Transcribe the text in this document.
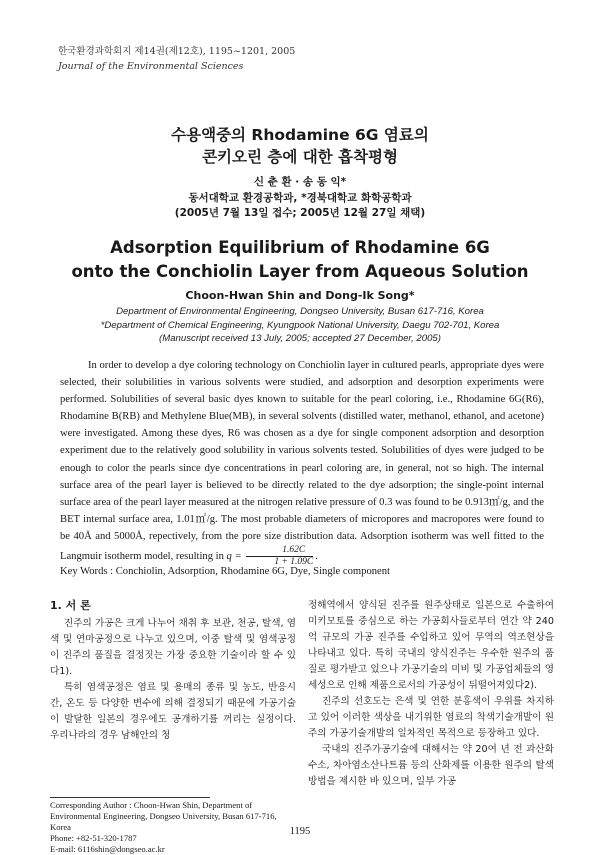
한국환경과학회지 제14권(제12호), 1195~1201, 2005
Journal of the Environmental Sciences
수용액중의 Rhodamine 6G 염료의
콘키오린 층에 대한 흡착평형
신 춘 환 · 송 동 익*
동서대학교 환경공학과, *경북대학교 화학공학과
(2005년 7월 13일 접수; 2005년 12월 27일 채택)
Adsorption Equilibrium of Rhodamine 6G
onto the Conchiolin Layer from Aqueous Solution
Choon-Hwan Shin and Dong-Ik Song*
Department of Environmental Engineering, Dongseo University, Busan 617-716, Korea
*Department of Chemical Engineering, Kyungpook National University, Daegu 702-701, Korea
(Manuscript received 13 July, 2005; accepted 27 December, 2005)
In order to develop a dye coloring technology on Conchiolin layer in cultured pearls, appropriate dyes were selected, their solubilities in various solvents were studied, and adsorption and desorption experiments were performed. Solubilities of several basic dyes known to suitable for the pearl coloring, i.e., Rhodamine 6G(R6), Rhodamine B(RB) and Methylene Blue(MB), in several solvents (distilled water, methanol, ethanol, and acetone) were investigated. Among these dyes, R6 was chosen as a dye for single component adsorption and desorption experiment due to the relatively good solubility in various solvents tested. Solubilities of dyes were judged to be enough to color the pearls since dye concentrations in pearl coloring are, in general, not so high. The internal surface area of the pearl layer is believed to be directly related to the dye adsorption; the single-point internal surface area of the pearl layer measured at the nitrogen relative pressure of 0.3 was found to be 0.913㎡/g, and the BET internal surface area, 1.01㎡/g. The most probable diameters of micropores and macropores were found to be 40Å and 5000Å, repectively, from the pore size distribution data. Adsorption isotherm was well fitted to the Langmuir isotherm model, resulting in $q = \frac{1.62C}{1 + 1.09C}$ .
Key Words : Conchiolin, Adsorption, Rhodamine 6G, Dye, Single component
1. 서 론

진주의 가공은 크게 나누어 채취 후 보관, 천공, 탈색, 염색 및 연마공정으로 나누고 있으며, 이중 탈색 및 염색공정이 진주의 품질을 결정짓는 가장 중요한 기술이라 할 수 있다1).

특히 염색공정은 염료 및 용매의 종류 및 농도, 반응시간, 온도 등 다양한 변수에 의해 결정되기 때문에 가공기술이 발달한 일본의 경우에도 공개하기를 꺼리는 실정이다. 우리나라의 경우 남해안의 청

정해역에서 양식된 진주를 원주상태로 일본으로 수출하여 미키모토를 중심으로 하는 가공회사들로부터 연간 약 240억 규모의 가공 진주를 수입하고 있어 무역의 역조현상을 나타내고 있다. 특히 국내의 양식진주는 우수한 원주의 품질로 평가받고 있으나 가공기술의 미비 및 가공업체들의 영세성으로 인해 제품으로서의 가공성이 뒤떨어져있다2).

진주의 선호도는 은색 및 연한 분홍색이 우위를 차지하고 있어 이러한 색상을 내기위한 염료의 착색기술개발이 원주의 가공기술개발의 일차적인 목적으로 등장하고 있다.

국내의 진주가공기술에 대해서는 약 20여 년 전 과산화수소, 차아염소산나트륨 등의 산화제를 이용한 원주의 탈색방법을 제시한 바 있으며, 일부 가공

Corresponding Author : Choon-Hwan Shin, Department of Environmental Engineering, Dongseo University, Busan 617-716, Korea
Phone: +82-51-320-1787
E-mail: 6116shin@dongseo.ac.kr
1195
